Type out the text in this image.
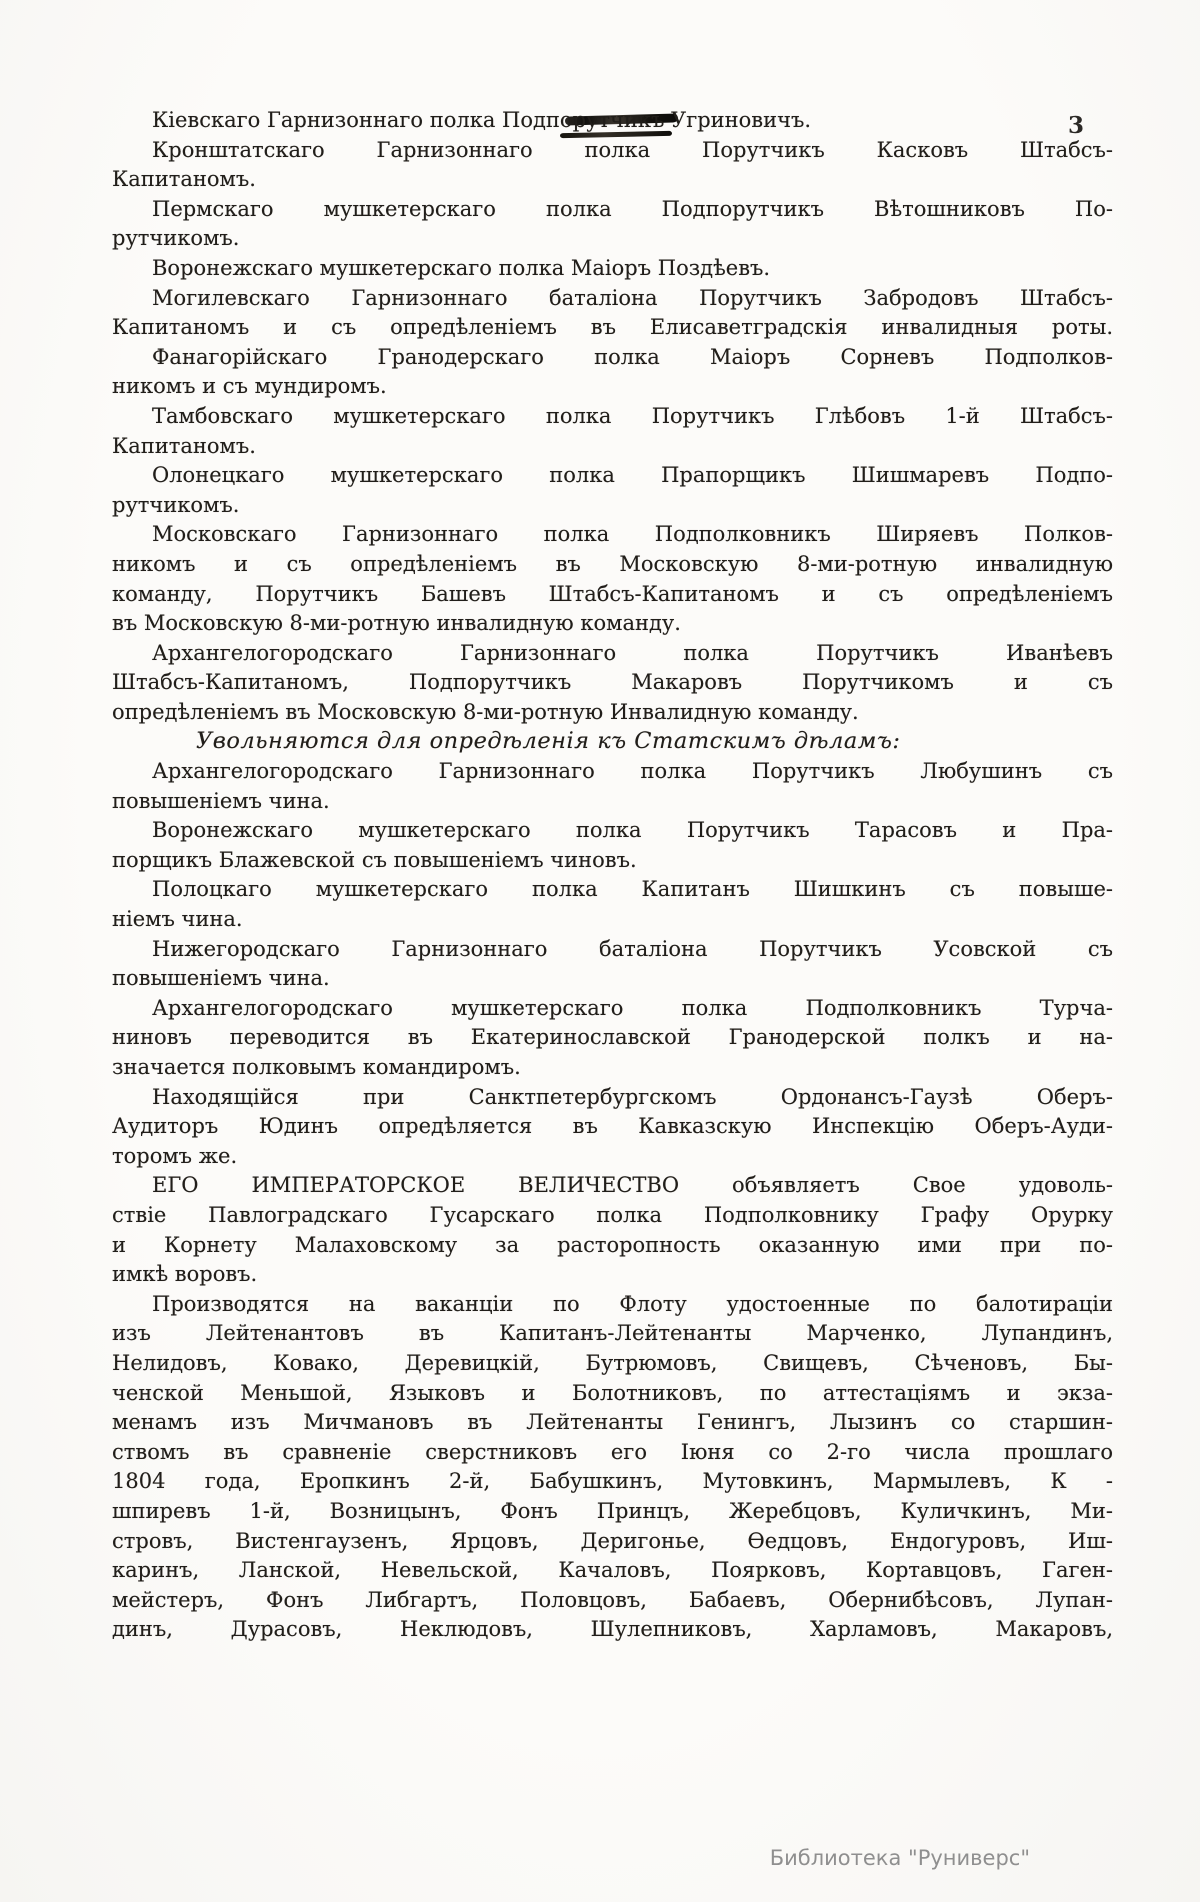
3
Кіевскаго Гарнизоннаго полка Подпорутчикъ Угриновичъ.
Кронштатскаго Гарнизоннаго полка Порутчикъ Касковъ Штабсъ-
Капитаномъ.
Пермскаго мушкетерскаго полка Подпорутчикъ Вѣтошниковъ По-
рутчикомъ.
Воронежскаго мушкетерскаго полка Маіоръ Поздѣевъ.
Могилевскаго Гарнизоннаго баталіона Порутчикъ Забродовъ Штабсъ-
Капитаномъ и съ опредѣленіемъ въ Елисаветградскія инвалидныя роты.
Фанагорійскаго Гранодерскаго полка Маіоръ Сорневъ Подполков-
никомъ и съ мундиромъ.
Тамбовскаго мушкетерскаго полка Порутчикъ Глѣбовъ 1-й Штабсъ-
Капитаномъ.
Олонецкаго мушкетерскаго полка Прапорщикъ Шишмаревъ Подпо-
рутчикомъ.
Московскаго Гарнизоннаго полка Подполковникъ Ширяевъ Полков-
никомъ и съ опредѣленіемъ въ Московскую 8-ми-ротную инвалидную
команду, Порутчикъ Башевъ Штабсъ-Капитаномъ и съ опредѣленіемъ
въ Московскую 8-ми-ротную инвалидную команду.
Архангелогородскаго Гарнизоннаго полка Порутчикъ Иванѣевъ
Штабсъ-Капитаномъ, Подпорутчикъ Макаровъ Порутчикомъ и съ
опредѣленіемъ въ Московскую 8-ми-ротную Инвалидную команду.
Увольняются для опредѣленія къ Статскимъ дѣламъ:
Архангелогородскаго Гарнизоннаго полка Порутчикъ Любушинъ съ
повышеніемъ чина.
Воронежскаго мушкетерскаго полка Порутчикъ Тарасовъ и Пра-
порщикъ Блажевской съ повышеніемъ чиновъ.
Полоцкаго мушкетерскаго полка Капитанъ Шишкинъ съ повыше-
ніемъ чина.
Нижегородскаго Гарнизоннаго баталіона Порутчикъ Усовской съ
повышеніемъ чина.
Архангелогородскаго мушкетерскаго полка Подполковникъ Турча-
ниновъ переводится въ Екатеринославской Гранодерской полкъ и на-
значается полковымъ командиромъ.
Находящійся при Санктпетербургскомъ Ордонансъ-Гаузѣ Оберъ-
Аудиторъ Юдинъ опредѣляется въ Кавказскую Инспекцію Оберъ-Ауди-
торомъ же.
ЕГО ИМПЕРАТОРСКОЕ ВЕЛИЧЕСТВО объявляетъ Свое удоволь-
ствіе Павлоградскаго Гусарскаго полка Подполковнику Графу Орурку
и Корнету Малаховскому за расторопность оказанную ими при по-
имкѣ воровъ.
Производятся на ваканціи по Флоту удостоенные по балотираціи
изъ Лейтенантовъ въ Капитанъ-Лейтенанты Марченко, Лупандинъ,
Нелидовъ, Ковако, Деревицкій, Бутрюмовъ, Свищевъ, Сѣченовъ, Бы-
ченской Меньшой, Языковъ и Болотниковъ, по аттестаціямъ и экза-
менамъ изъ Мичмановъ въ Лейтенанты Генингъ, Лызинъ со старшин-
ствомъ въ сравненіе сверстниковъ его Іюня со 2-го числа прошлаго
1804 года, Еропкинъ 2-й, Бабушкинъ, Мутовкинъ, Мармылевъ, К -
шпиревъ 1-й, Возницынъ, Фонъ Принцъ, Жеребцовъ, Куличкинъ, Ми-
стровъ, Вистенгаузенъ, Ярцовъ, Деригонье, Ѳедцовъ, Ендогуровъ, Иш-
каринъ, Ланской, Невельской, Качаловъ, Поярковъ, Кортавцовъ, Гаген-
мейстеръ, Фонъ Либгартъ, Половцовъ, Бабаевъ, Обернибѣсовъ, Лупан-
динъ, Дурасовъ, Неклюдовъ, Шулепниковъ, Харламовъ, Макаровъ,
Библиотека "Руниверс"
